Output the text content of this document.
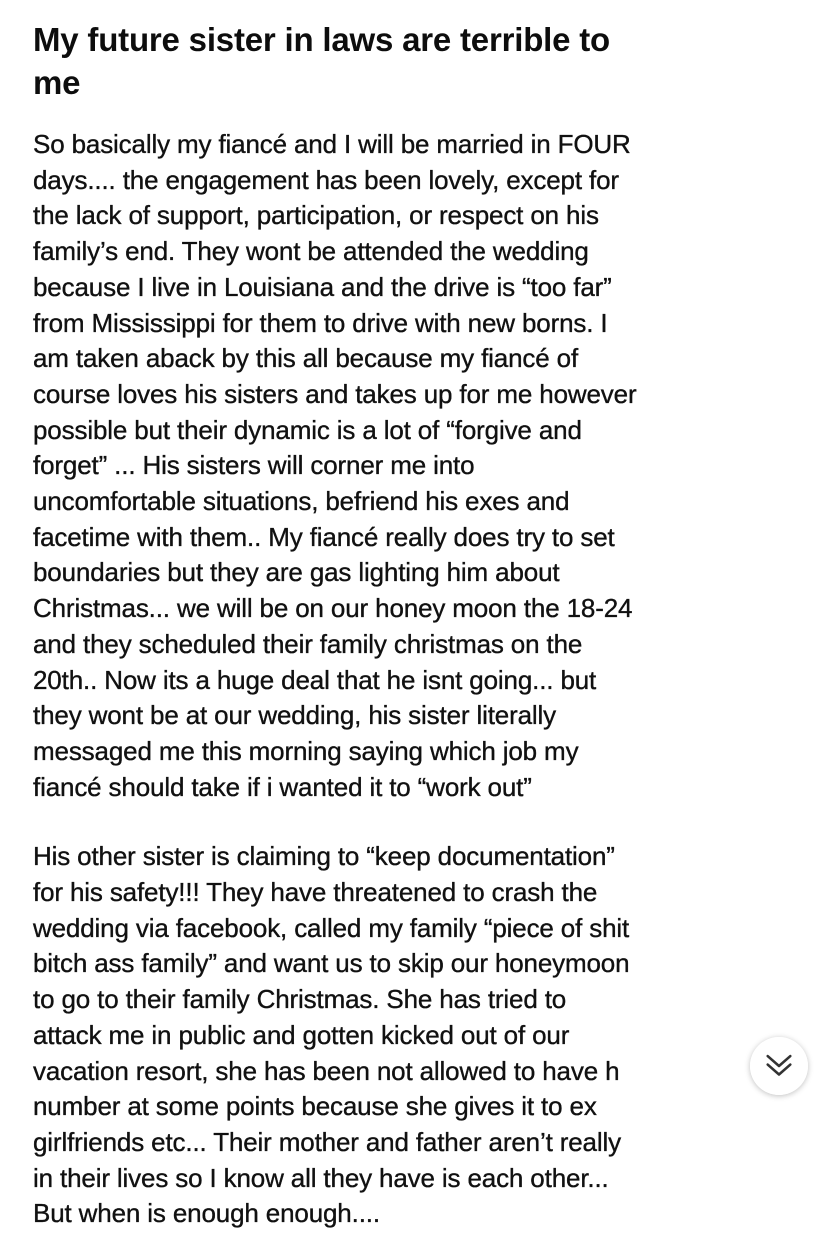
My future sister in laws are terrible to
me

So basically my fiancé and I will be married in FOUR
days.... the engagement has been lovely, except for
the lack of support, participation, or respect on his
family’s end. They wont be attended the wedding
because I live in Louisiana and the drive is “too far”
from Mississippi for them to drive with new borns. I
am taken aback by this all because my fiancé of
course loves his sisters and takes up for me however
possible but their dynamic is a lot of “forgive and
forget” ... His sisters will corner me into
uncomfortable situations, befriend his exes and
facetime with them.. My fiancé really does try to set
boundaries but they are gas lighting him about
Christmas... we will be on our honey moon the 18-24
and they scheduled their family christmas on the
20th.. Now its a huge deal that he isnt going... but
they wont be at our wedding, his sister literally
messaged me this morning saying which job my
fiancé should take if i wanted it to “work out”

His other sister is claiming to “keep documentation”
for his safety!!! They have threatened to crash the
wedding via facebook, called my family “piece of shit
bitch ass family” and want us to skip our honeymoon
to go to their family Christmas. She has tried to
attack me in public and gotten kicked out of our
vacation resort, she has been not allowed to have h
number at some points because she gives it to ex
girlfriends etc... Their mother and father aren’t really
in their lives so I know all they have is each other...
But when is enough enough....
